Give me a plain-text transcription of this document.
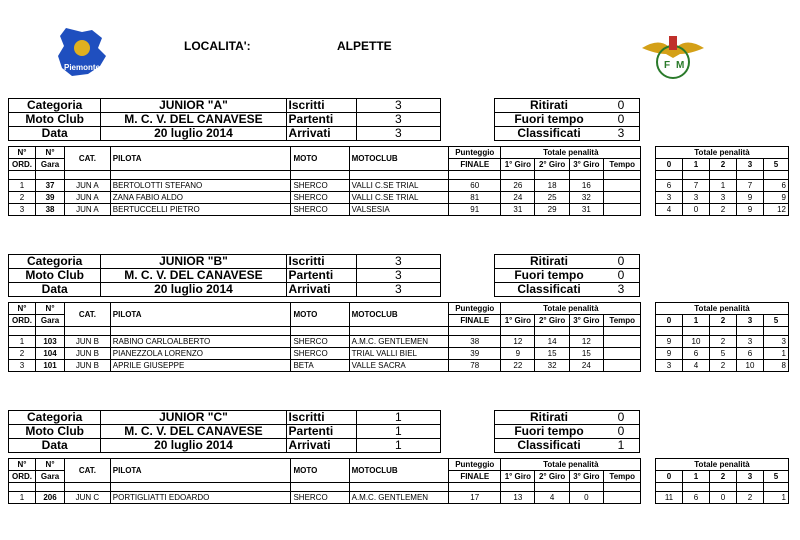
Piemonte
LOCALITA':	ALPETTE
F M
Categoria	JUNIOR "A"	Iscritti	3
Moto Club	M. C. V. DEL CANAVESE	Partenti	3
Data	20 luglio 2014	Arrivati	3
Ritirati	0
Fuori tempo	0
Classificati	3
N°	N°	CAT.	PILOTA	MOTO	MOTOCLUB	Punteggio	Totale penalità					Totale penalità				
ORD.	Gara					FINALE	1° Giro	2° Giro	3° Giro	Tempo		0	1	2	3	5

1	37	JUN A	BERTOLOTTI STEFANO	SHERCO	VALLI C.SE TRIAL	60	26	18	16			6	7	1	7	6
2	39	JUN A	ZANA FABIO ALDO	SHERCO	VALLI C.SE TRIAL	81	24	25	32			3	3	3	9	9
3	38	JUN A	BERTUCCELLI PIETRO	SHERCO	VALSESIA	91	31	29	31			4	0	2	9	12
Categoria	JUNIOR "B"	Iscritti	3
Moto Club	M. C. V. DEL CANAVESE	Partenti	3
Data	20 luglio 2014	Arrivati	3
Ritirati	0
Fuori tempo	0
Classificati	3
N°	N°	CAT.	PILOTA	MOTO	MOTOCLUB	Punteggio	Totale penalità					Totale penalità				
ORD.	Gara					FINALE	1° Giro	2° Giro	3° Giro	Tempo		0	1	2	3	5

1	103	JUN B	RABINO CARLOALBERTO	SHERCO	A.M.C. GENTLEMEN	38	12	14	12			9	10	2	3	3
2	104	JUN B	PIANEZZOLA LORENZO	SHERCO	TRIAL VALLI BIEL	39	9	15	15			9	6	5	6	1
3	101	JUN B	APRILE GIUSEPPE	BETA	VALLE SACRA	78	22	32	24			3	4	2	10	8
Categoria	JUNIOR "C"	Iscritti	1
Moto Club	M. C. V. DEL CANAVESE	Partenti	1
Data	20 luglio 2014	Arrivati	1
Ritirati	0
Fuori tempo	0
Classificati	1
N°	N°	CAT.	PILOTA	MOTO	MOTOCLUB	Punteggio	Totale penalità					Totale penalità				
ORD.	Gara					FINALE	1° Giro	2° Giro	3° Giro	Tempo		0	1	2	3	5

1	206	JUN C	PORTIGLIATTI EDOARDO	SHERCO	A.M.C. GENTLEMEN	17	13	4	0			11	6	0	2	1
